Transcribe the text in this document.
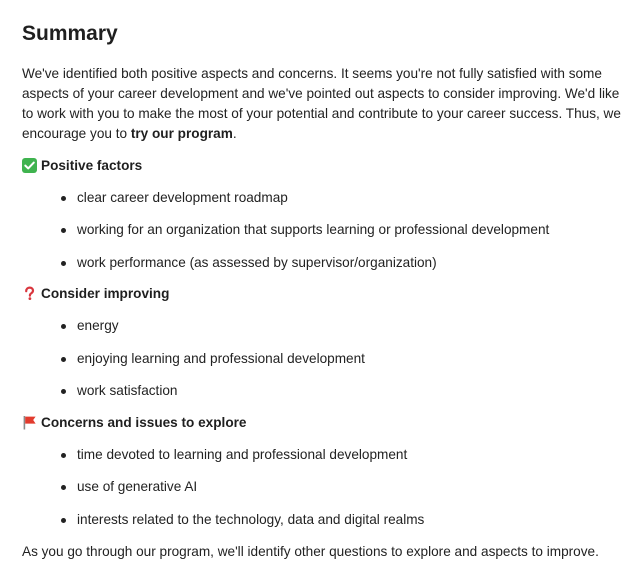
Summary

We've identified both positive aspects and concerns. It seems you're not fully satisfied with some aspects of your career development and we've pointed out aspects to consider improving. We'd like to work with you to make the most of your potential and contribute to your career success. Thus, we encourage you to try our program.

Positive factors
clear career development roadmap
working for an organization that supports learning or professional development
work performance (as assessed by supervisor/organization)
Consider improving
energy
enjoying learning and professional development
work satisfaction
Concerns and issues to explore
time devoted to learning and professional development
use of generative AI
interests related to the technology, data and digital realms

As you go through our program, we'll identify other questions to explore and aspects to improve.
